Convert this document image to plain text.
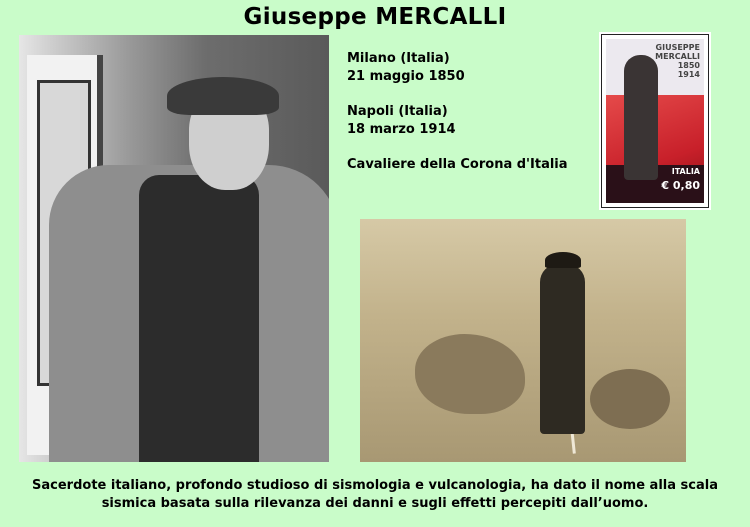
Giuseppe MERCALLI

Milano (Italia)
21 maggio 1850

Napoli (Italia)
18 marzo 1914

Cavaliere della Corona d'Italia

GIUSEPPE
MERCALLI
1850
1914
ITALIA
€ 0,80
Sacerdote italiano, profondo studioso di sismologia e vulcanologia, ha dato il nome alla scala
sismica basata sulla rilevanza dei danni e sugli effetti percepiti dall’uomo.
